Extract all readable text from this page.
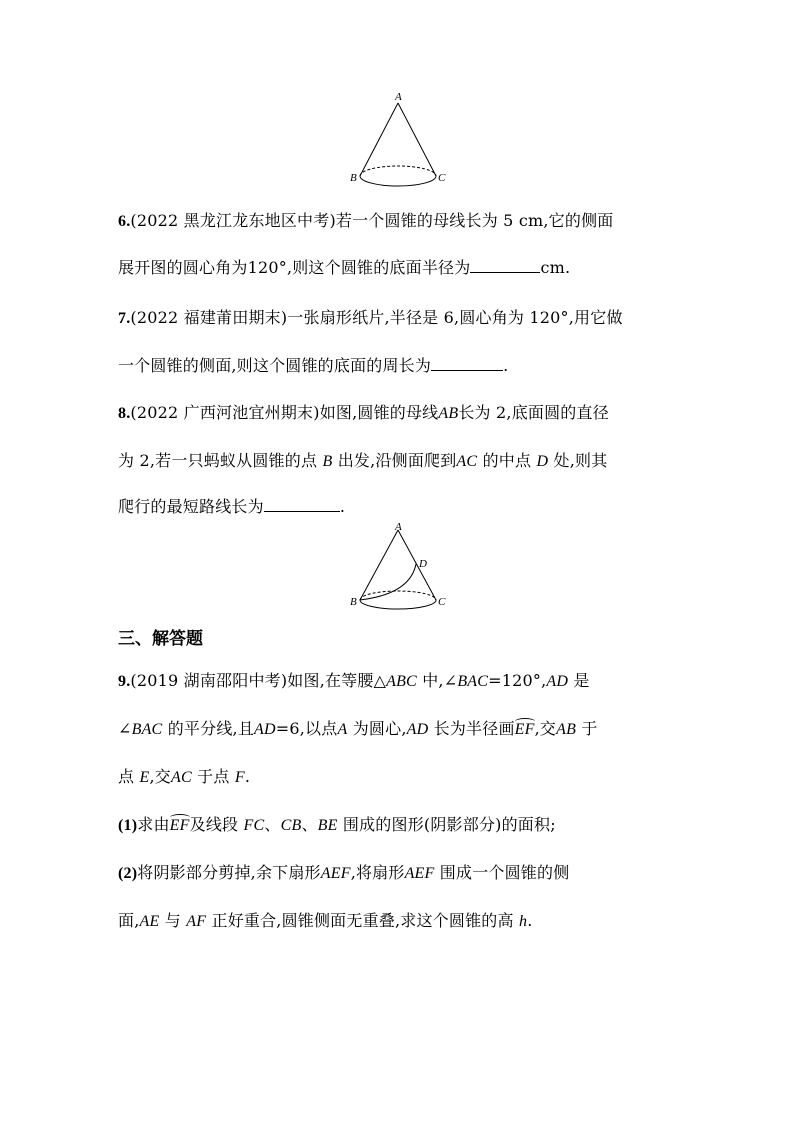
A
B	C
6.(2022 黑龙江龙东地区中考)若一个圆锥的母线长为 5 cm,它的侧面
展开图的圆心角为120°,则这个圆锥的底面半径为	cm.
7.(2022 福建莆田期末)一张扇形纸片,半径是 6,圆心角为 120°,用它做
一个圆锥的侧面,则这个圆锥的底面的周长为	.
8.(2022 广西河池宜州期末)如图,圆锥的母线AB长为 2,底面圆的直径
为 2,若一只蚂蚁从圆锥的点 B 出发,沿侧面爬到AC 的中点 D 处,则其
爬行的最短路线长为	.
A
D
B	C
三、解答题
9.(2019 湖南邵阳中考)如图,在等腰△ABC 中,∠BAC=120°,AD 是
∠BAC 的平分线,且AD=6,以点A 为圆心,AD 长为半径画EF,交AB 于
点 E,交AC 于点 F.
(1)求由EF及线段 FC、CB、BE 围成的图形(阴影部分)的面积;
(2)将阴影部分剪掉,余下扇形AEF,将扇形AEF 围成一个圆锥的侧
面,AE 与 AF 正好重合,圆锥侧面无重叠,求这个圆锥的高 h.
